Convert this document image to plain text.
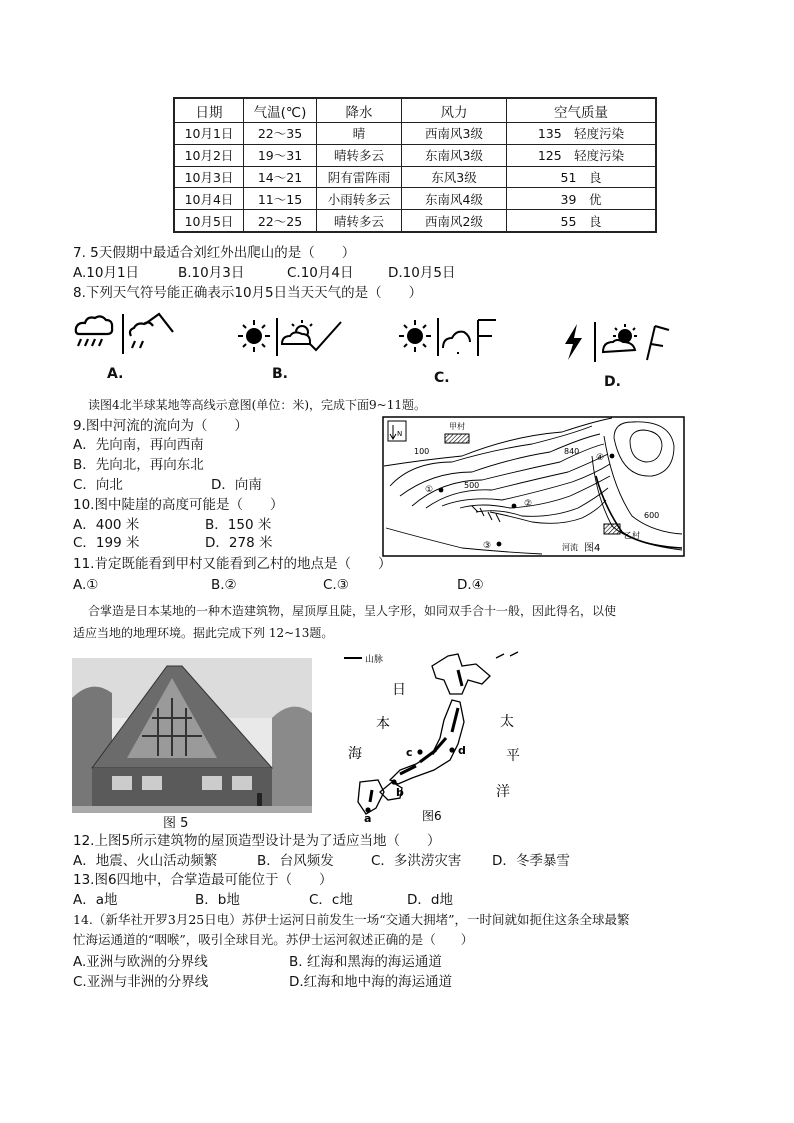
日期	气温(℃)	降水	风力	空气质量
10月1日	22～35	晴	西南风3级	135　轻度污染
10月2日	19～31	晴转多云	东南风3级	125　轻度污染
10月3日	14～21	阴有雷阵雨	东风3级	51　良
10月4日	11～15	小雨转多云	东南风4级	39　优
10月5日	22～25	晴转多云	西南风2级	55　良
7. 5天假期中最适合刘红外出爬山的是（　　）
A.10月1日	B.10月3日	C.10月4日	D.10月5日
8.下列天气符号能正确表示10月5日当天天气的是（　　）
A.	B.	C.	D.
读图4北半球某地等高线示意图(单位：米)，完成下面9~11题。
9.图中河流的流向为（　　）
A．先向南，再向西南
B．先向北，再向东北
C．向北	D．向南
10.图中陡崖的高度可能是（　　）
A．400 米	B．150 米
C．199 米	D．278 米
11.肯定既能看到甲村又能看到乙村的地点是（　　）
A.①	B.②	C.③	D.④
N
甲村
100
500
840
600
①
②
③
④
乙村
河流 图4
合掌造是日本某地的一种木造建筑物，屋顶厚且陡，呈人字形，如同双手合十一般，因此得名，以使
适应当地的地理环境。据此完成下列 12~13题。
图 5
山脉
日
本
海
太
平
洋
a
b
c	d
图6
12.上图5所示建筑物的屋顶造型设计是为了适应当地（　　）
A．地震、火山活动频繁	B．台风频发	C．多洪涝灾害 D．冬季暴雪
13.图6四地中，合掌造最可能位于（　　）
A．a地	B．b地	C．c地	D．d地
14.（新华社开罗3月25日电）苏伊士运河日前发生一场“交通大拥堵”，一时间就如扼住这条全球最繁
忙海运通道的“咽喉”，吸引全球目光。苏伊士运河叙述正确的是（　　）
A.亚洲与欧洲的分界线	B. 红海和黑海的海运通道
C.亚洲与非洲的分界线	D.红海和地中海的海运通道
